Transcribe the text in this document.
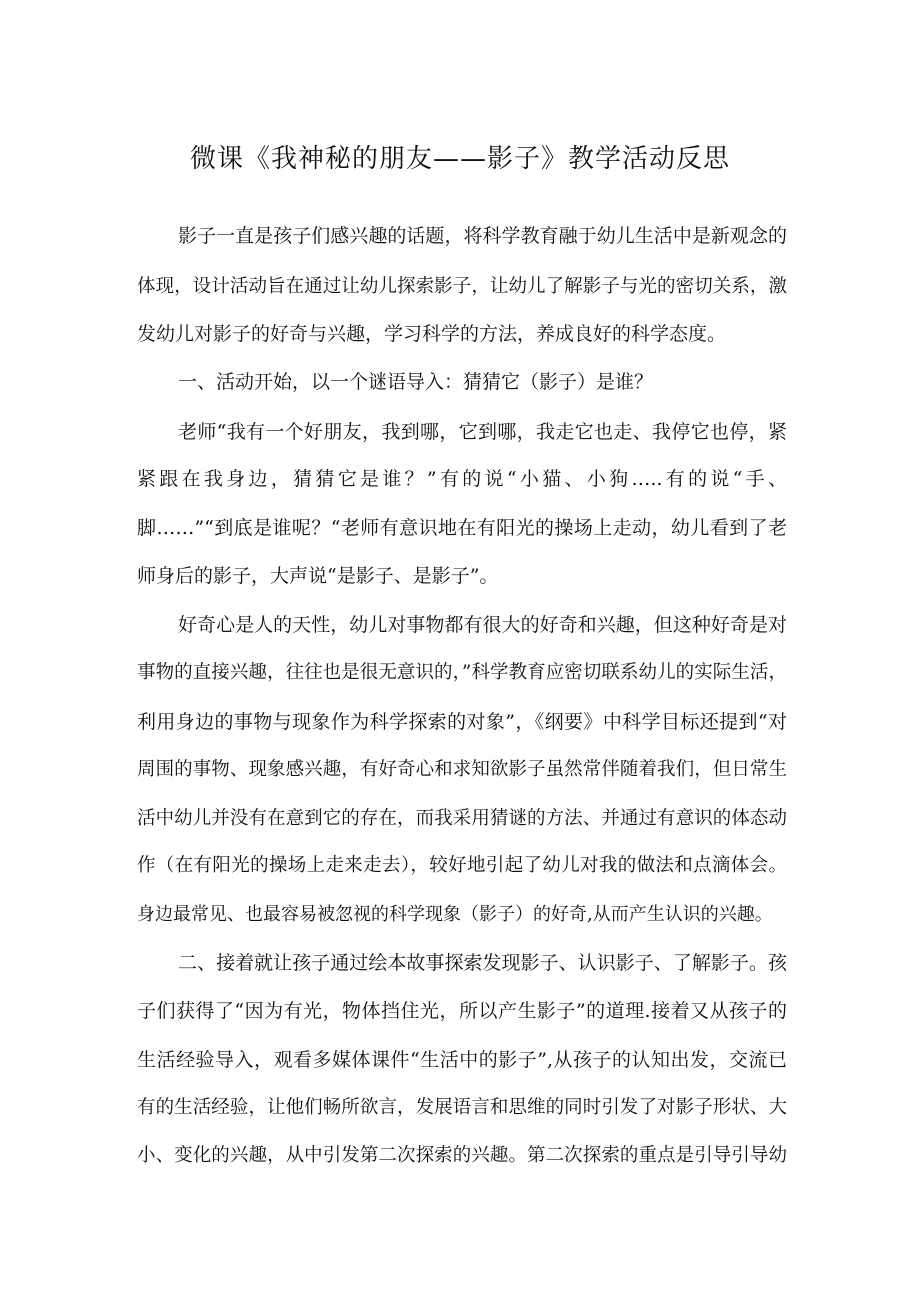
微课《我神秘的朋友——影子》教学活动反思
影子一直是孩子们感兴趣的话题，将科学教育融于幼儿生活中是新观念的
体现，设计活动旨在通过让幼儿探索影子，让幼儿了解影子与光的密切关系，激
发幼儿对影子的好奇与兴趣，学习科学的方法，养成良好的科学态度。
一、活动开始，以一个谜语导入：猜猜它（影子）是谁？
老师“我有一个好朋友，我到哪，它到哪，我走它也走、我停它也停，紧
紧跟在我身边，猜猜它是谁？”有的说“小猫、小狗…..有的说“手、
脚……”“到底是谁呢？“老师有意识地在有阳光的操场上走动，幼儿看到了老
师身后的影子，大声说“是影子、是影子”。
好奇心是人的天性，幼儿对事物都有很大的好奇和兴趣，但这种好奇是对
事物的直接兴趣，往往也是很无意识的，”科学教育应密切联系幼儿的实际生活，
利用身边的事物与现象作为科学探索的对象”，《纲要》中科学目标还提到“对
周围的事物、现象感兴趣，有好奇心和求知欲影子虽然常伴随着我们，但日常生
活中幼儿并没有在意到它的存在，而我采用猜谜的方法、并通过有意识的体态动
作（在有阳光的操场上走来走去），较好地引起了幼儿对我的做法和点滴体会。
身边最常见、也最容易被忽视的科学现象（影子）的好奇,从而产生认识的兴趣。
二、接着就让孩子通过绘本故事探索发现影子、认识影子、了解影子。孩
子们获得了“因为有光，物体挡住光，所以产生影子”的道理.接着又从孩子的
生活经验导入，观看多媒体课件“生活中的影子”,从孩子的认知出发，交流已
有的生活经验，让他们畅所欲言，发展语言和思维的同时引发了对影子形状、大
小、变化的兴趣，从中引发第二次探索的兴趣。第二次探索的重点是引导引导幼
